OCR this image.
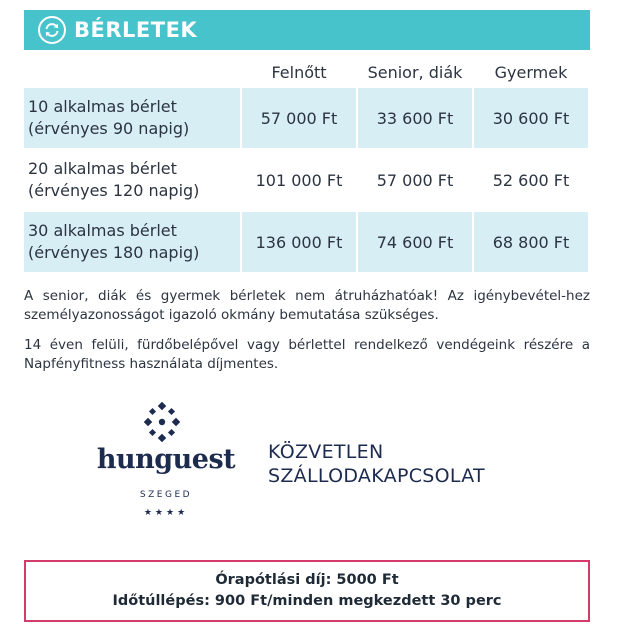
BÉRLETEK
Felnőtt	Senior, diák	Gyermek
10 alkalmas bérlet
(érvényes 90 napig)
57 000 Ft	33 600 Ft	30 600 Ft
20 alkalmas bérlet
(érvényes 120 napig)
101 000 Ft	57 000 Ft	52 600 Ft
30 alkalmas bérlet
(érvényes 180 napig)
136 000 Ft	74 600 Ft	68 800 Ft
A senior, diák és gyermek bérletek nem átruházhatóak! Az igénybevétel-hez személyazonosságot igazoló okmány bemutatása szükséges.
14 éven felüli, fürdőbelépővel vagy bérlettel rendelkező vendégeink részére a Napfényfitness használata díjmentes.
hunguest
SZEGED
★★★★
KÖZVETLEN
SZÁLLODAKAPCSOLAT
Órapótlási díj: 5000 Ft
Időtúllépés: 900 Ft/minden megkezdett 30 perc
